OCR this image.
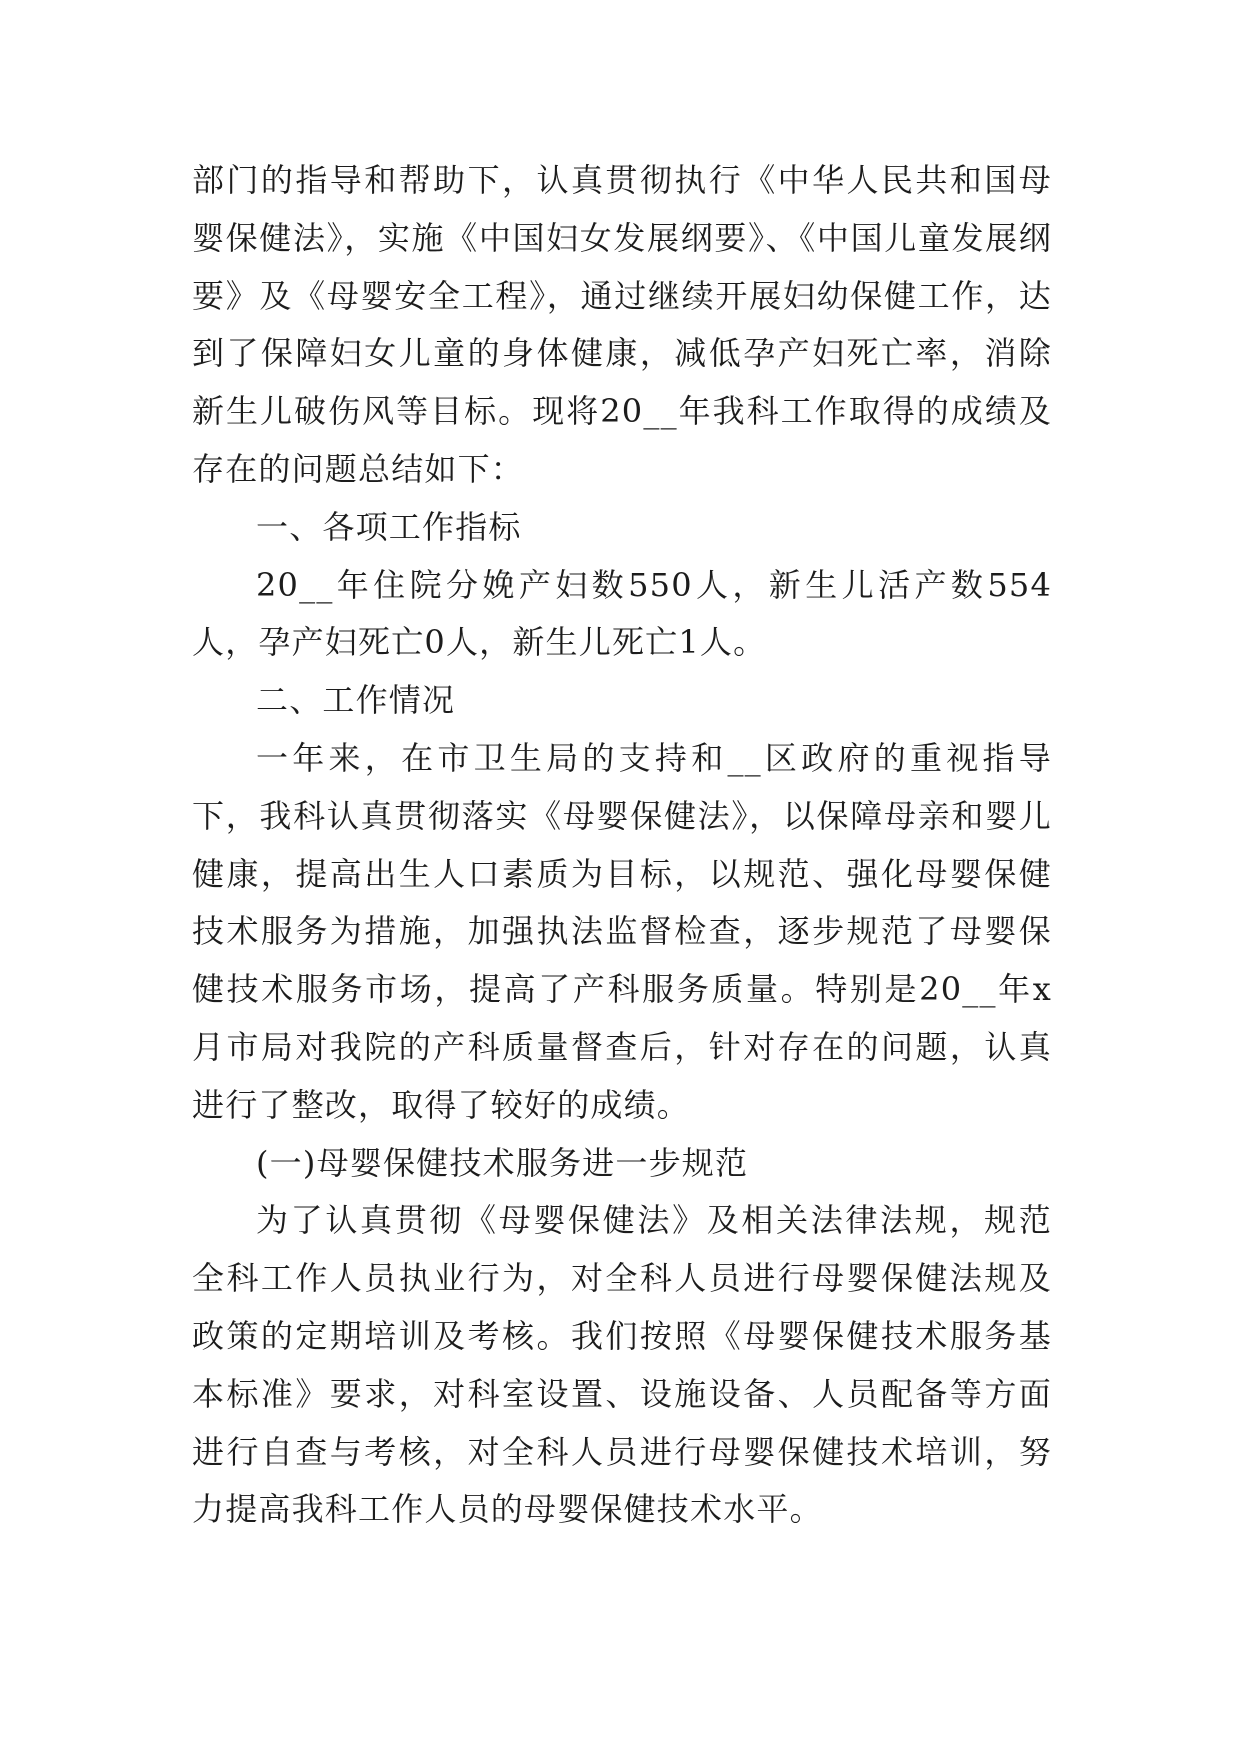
部门的指导和帮助下，认真贯彻执行《中华人民共和国母婴保健法》，实施《中国妇女发展纲要》、《中国儿童发展纲要》及《母婴安全工程》，通过继续开展妇幼保健工作，达到了保障妇女儿童的身体健康，减低孕产妇死亡率，消除新生儿破伤风等目标。现将20__年我科工作取得的成绩及存在的问题总结如下：

一、各项工作指标

20__年住院分娩产妇数550人，新生儿活产数554人，孕产妇死亡0人，新生儿死亡1人。

二、工作情况

一年来，在市卫生局的支持和__区政府的重视指导下，我科认真贯彻落实《母婴保健法》，以保障母亲和婴儿健康，提高出生人口素质为目标，以规范、强化母婴保健技术服务为措施，加强执法监督检查，逐步规范了母婴保健技术服务市场，提高了产科服务质量。特别是20__年x月市局对我院的产科质量督查后，针对存在的问题，认真进行了整改，取得了较好的成绩。

(一)母婴保健技术服务进一步规范

为了认真贯彻《母婴保健法》及相关法律法规，规范全科工作人员执业行为，对全科人员进行母婴保健法规及政策的定期培训及考核。我们按照《母婴保健技术服务基本标准》要求，对科室设置、设施设备、人员配备等方面进行自查与考核，对全科人员进行母婴保健技术培训，努力提高我科工作人员的母婴保健技术水平。
